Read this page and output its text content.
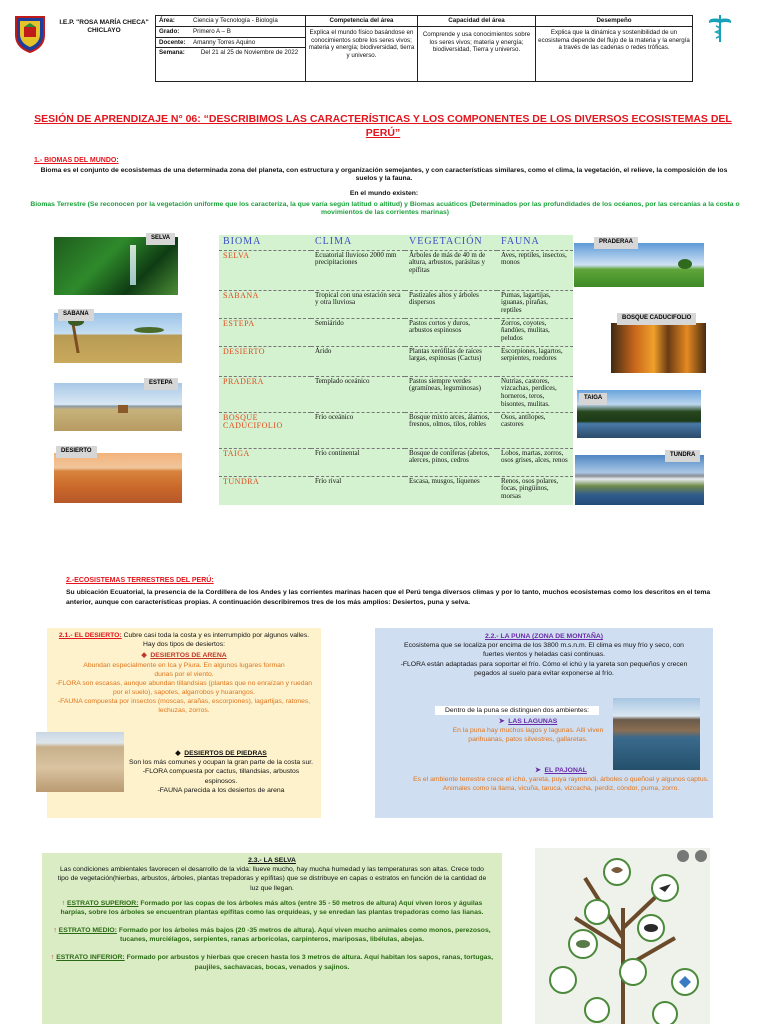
I.E.P. "ROSA MARÍA CHECA"
CHICLAYO
Área:	Ciencia y Tecnología - Biología
Grado:	Primero A – B
Docente:	Amanny Torres Aquino
Semana:	Del 21 al 25 de Noviembre de 2022

Competencia del área
Explica el mundo físico basándose en conocimientos sobre los seres vivos; materia y energía; biodiversidad, tierra y universo.

Capacidad del área
Comprende y usa conocimientos sobre los seres vivos; materia y energía; biodiversidad, Tierra y universo.

Desempeño
Explica que la dinámica y sostenibilidad de un ecosistema depende del flujo de la materia y la energía a través de las cadenas o redes tróficas.
SESIÓN DE APRENDIZAJE N° 06: “DESCRIBIMOS LAS CARACTERÍSTICAS Y LOS COMPONENTES DE LOS DIVERSOS ECOSISTEMAS DEL PERÚ”
1.- BIOMAS DEL MUNDO:
Bioma es el conjunto de ecosistemas de una determinada zona del planeta, con estructura y organización semejantes, y con características similares, como el clima, la vegetación, el relieve, la composición de los suelos y la fauna.
En el mundo existen:
Biomas Terrestre (Se reconocen por la vegetación uniforme que los caracteriza, la que varía según latitud o altitud) y Biomas acuáticos (Determinados por las profundidades de los océanos, por las cercanías a la costa o movimientos de las corrientes marinas)
SELVA
SABANA
ESTEPA
DESIERTO
BIOMA	CLIMA	VEGETACIÓN	FAUNA
SELVA	Ecuatorial lluvioso 2000 mm precipitaciones	Árboles de más de 40 m de altura, arbustos, parásitas y epífitas	Aves, reptiles, insectos, monos
SABANA	Tropical con una estación seca y otra lluviosa	Pastizales altos y árboles dispersos	Pumas, lagartijas, iguanas, pirañas, reptiles
ESTEPA	Semiárido	Pastos cortos y duros, arbustos espinosos	Zorros, coyotes, ñandúes, mulitas, peludos
DESIERTO	Árido	Plantas xerófilas de raíces largas, espinosas (Cactus)	Escorpiones, lagartos, serpientes, roedores
PRADERA	Templado oceánico	Pastos siempre verdes (gramíneas, leguminosas)	Nutrias, castores, vizcachas, perdices, horneros, teros, bisontes, mulitas.
BOSQUE CADUCIFOLIO	Frío oceánico	Bosque mixto arces, álamos, fresnos, olmos, tilos, robles	Osos, antílopes, castores
TAIGA	Frío continental	Bosque de coníferas (abetos, alerces, pinos, cedros	Lobos, martas, zorros, osos grises, alces, renos
TUNDRA	Frío rival	Escasa, musgos, líquenes	Renos, osos polares, focas, pingüinos, morsas
PRADERAA
BOSQUE CADUCIFOLIO
TAIGA
TUNDRA
2.-ECOSISTEMAS TERRESTRES DEL PERÚ:
Su ubicación Ecuatorial, la presencia de la Cordillera de los Andes y las corrientes marinas hacen que el Perú tenga diversos climas y por lo tanto, muchos ecosistemas como los descritos en el tema anterior, aunque con características propias. A continuación describiremos tres de los más amplios: Desiertos, puna y selva.
2.1.- EL DESIERTO: Cubre casi toda la costa y es interrumpido por algunos valles. Hay dos tipos de desiertos:
◆ DESIERTOS DE ARENA
Abundan especialmente en Ica y Piura. En algunos lugares forman dunas por el viento.
-FLORA son escasas, aunque abundan tillandsias (plantas que no enraízan y ruedan por el suelo), sapotes, algarrobos y huarangos.
-FAUNA compuesta por insectos (moscas, arañas, escorpiones), lagartijas, ratones, lechuzas, zorros.
◆ DESIERTOS DE PIEDRAS
Son los más comunes y ocupan la gran parte de la costa sur.
-FLORA compuesta por cactus, tillandsias, arbustos espinosos.
-FAUNA parecida a los desiertos de arena
2.2.- LA PUNA (ZONA DE MONTAÑA)
Ecosistema que se localiza por encima de los 3800 m.s.n.m. El clima es muy frío y seco, con fuertes vientos y heladas casi continuas.
-FLORA están adaptadas para soportar el frío. Cómo el ichú y la yareta son pequeños y crecen pegados al suelo para evitar exponerse al frío.
Dentro de la puna se distinguen dos ambientes:
➤ LAS LAGUNAS
En la puna hay muchos lagos y lagunas. Allí viven parihuanas, patos silvestres, gallaretas.
➤ EL PAJONAL
Es el ambiente terrestre crece el ichú, yareta, puya raymondi, árboles o queñoal y algunos captus. Animales como la llama, vicuña, taruca, vizcacha, perdiz, cóndor, puma, zorro.
2.3.- LA SELVA
Las condiciones ambientales favorecen el desarrollo de la vida: llueve mucho, hay mucha humedad y las temperaturas son altas. Crece todo tipo de vegetación(hierbas, arbustos, árboles, plantas trepadoras y epífitas) que se distribuye en capas o estratos en función de la cantidad de luz que llegan.
↑ ESTRATO SUPERIOR: Formado por las copas de los árboles más altos (entre 35 - 50 metros de altura) Aquí viven loros y águilas harpías, sobre los árboles se encuentran plantas epífitas como las orquídeas, y se enredan las plantas trepadoras como las lianas.
↑ ESTRATO MEDIO: Formado por los árboles más bajos (20 -35 metros de altura). Aquí viven mucho animales como monos, perezosos, tucanes, murciélagos, serpientes, ranas arborícolas, carpinteros, mariposas, libélulas, abejas.
↑ ESTRATO INFERIOR: Formado por arbustos y hierbas que crecen hasta los 3 metros de altura. Aquí habitan los sapos, ranas, tortugas, paujiles, sachavacas, bocas, venados y sajinos.
